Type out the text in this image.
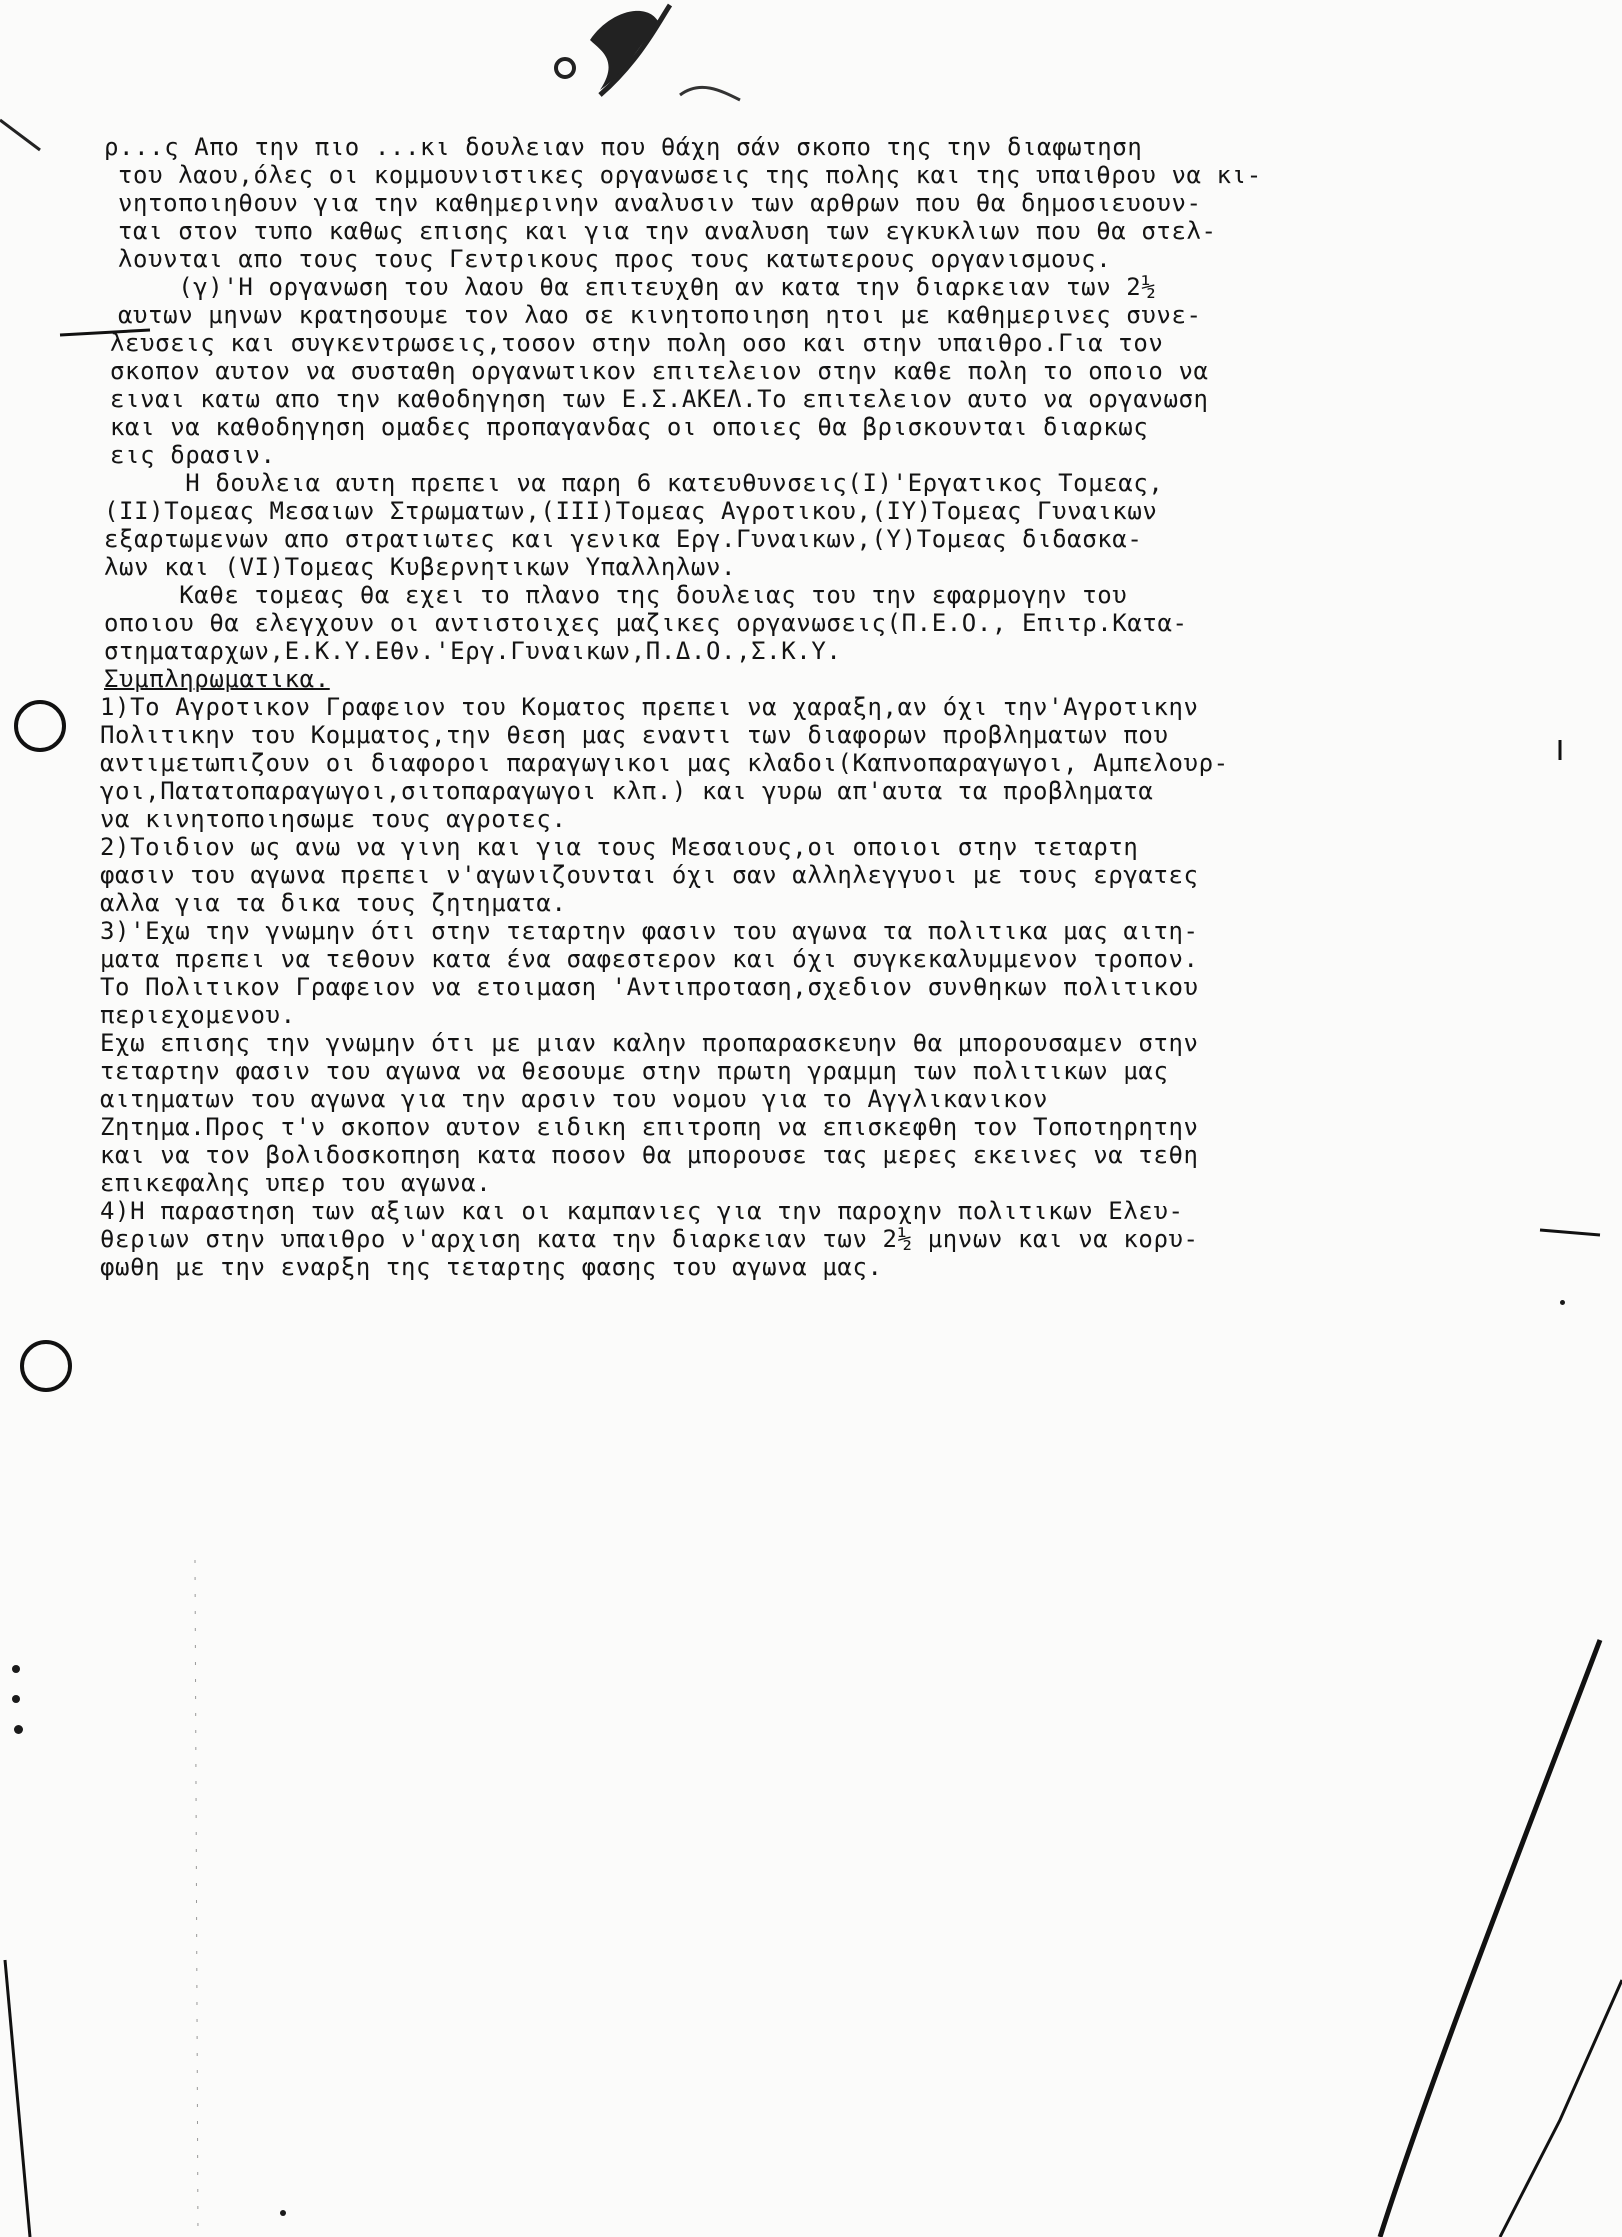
ρ...ς Απο την πιο ...κι δουλειαν που θάχη σάν σκοπο της την διαφωτηση
του λαου,όλες οι κομμουνιστικες οργανωσεις της πολης και της υπαιθρου να κι-
νητοποιηθουν για την καθημερινην αναλυσιν των αρθρων που θα δημοσιευουν-
ται στον τυπο καθως επισης και για την αναλυση των εγκυκλιων που θα στελ-
λουνται απο τους τους Γεντρικους προς τους κατωτερους οργανισμους.
(γ)'Η οργανωση του λαου θα επιτευχθη αν κατα την διαρκειαν των 2½
αυτων μηνων κρατησουμε τον λαο σε κινητοποιηση ητοι με καθημερινες συνε-
λευσεις και συγκεντρωσεις,τοσον στην πολη οσο και στην υπαιθρο.Για τον
σκοπον αυτον να συσταθη οργανωτικον επιτελειον στην καθε πολη το οποιο να
ειναι κατω απο την καθοδηγηση των Ε.Σ.ΑΚΕΛ.Το επιτελειον αυτο να οργανωση
και να καθοδηγηση ομαδες προπαγανδας οι οποιες θα βρισκουνται διαρκως
εις δρασιν.
Η δουλεια αυτη πρεπει να παρη 6 κατευθυνσεις(I)'Εργατικος Τομεας,
(II)Τομεας Μεσαιων Στρωματων,(III)Τομεας Αγροτικου,(IY)Τομεας Γυναικων
εξαρτωμενων απο στρατιωτες και γενικα Εργ.Γυναικων,(Y)Τομεας διδασκα-
λων και (VI)Τομεας Κυβερνητικων Υπαλληλων.
Καθε τομεας θα εχει το πλανο της δουλειας του την εφαρμογην του
οποιου θα ελεγχουν οι αντιστοιχες μαζικες οργανωσεις(Π.Ε.Ο., Επιτρ.Κατα-
στηματαρχων,Ε.Κ.Υ.Εθν.'Εργ.Γυναικων,Π.Δ.Ο.,Σ.Κ.Υ.
Συμπληρωματικα.
1)Το Αγροτικον Γραφειον του Κοματος πρεπει να χαραξη,αν όχι την'Αγροτικην
Πολιτικην του Κομματος,την θεση μας εναντι των διαφορων προβληματων που
αντιμετωπιζουν οι διαφοροι παραγωγικοι μας κλαδοι(Καπνοπαραγωγοι, Αμπελουρ-
γοι,Πατατοπαραγωγοι,σιτοπαραγωγοι κλπ.) και γυρω απ'αυτα τα προβληματα
να κινητοποιησωμε τους αγροτες.
2)Τοιδιον ως ανω να γινη και για τους Μεσαιους,οι οποιοι στην τεταρτη
φασιν του αγωνα πρεπει ν'αγωνιζουνται όχι σαν αλληλεγγυοι με τους εργατες
αλλα για τα δικα τους ζητηματα.
3)'Εχω την γνωμην ότι στην τεταρτην φασιν του αγωνα τα πολιτικα μας αιτη-
ματα πρεπει να τεθουν κατα ένα σαφεστερον και όχι συγκεκαλυμμενον τροπον.
Το Πολιτικον Γραφειον να ετοιμαση 'Αντιπροταση,σχεδιον συνθηκων πολιτικου
περιεχομενου.
Εχω επισης την γνωμην ότι με μιαν καλην προπαρασκευην θα μπορουσαμεν στην
τεταρτην φασιν του αγωνα να θεσουμε στην πρωτη γραμμη των πολιτικων μας
αιτηματων του αγωνα για την αρσιν του νομου για το Αγγλικανικον
Ζητημα.Προς τ'ν σκοπον αυτον ειδικη επιτροπη να επισκεφθη τον Τοποτηρητην
και να τον βολιδοσκοπηση κατα ποσον θα μπορουσε τας μερες εκεινες να τεθη
επικεφαλης υπερ του αγωνα.
4)Η παραστηση των αξιων και οι καμπανιες για την παροχην πολιτικων Ελευ-
θεριων στην υπαιθρο ν'αρχιση κατα την διαρκειαν των 2½ μηνων και να κορυ-
φωθη με την εναρξη της τεταρτης φασης του αγωνα μας.
